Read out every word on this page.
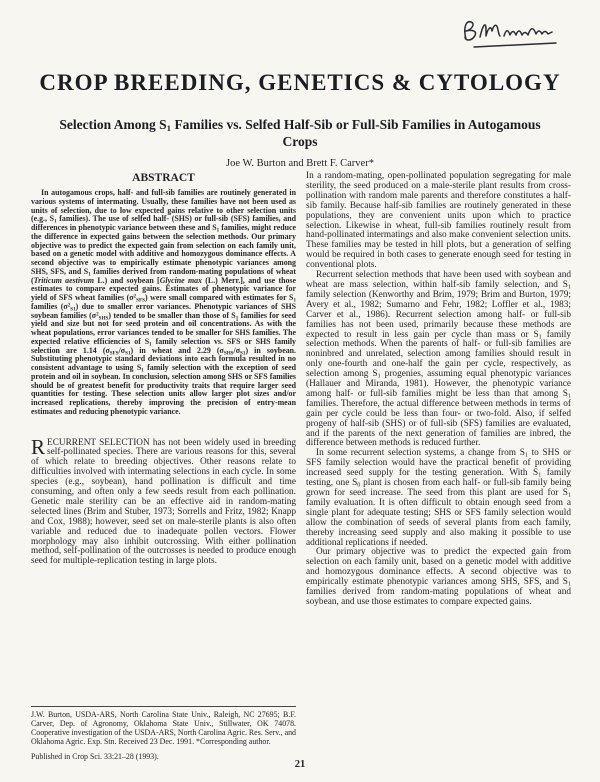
CROP BREEDING, GENETICS & CYTOLOGY
Selection Among $S_1$ Families vs. Selfed Half-Sib or Full-Sib Families in Autogamous Crops

Joe W. Burton and Brett F. Carver*

ABSTRACT

In autogamous crops, half- and full-sib families are routinely generated in various systems of intermating. Usually, these families have not been used as units of selection, due to low expected gains relative to other selection units (e.g., $S_1$ families). The use of selfed half- (SHS) or full-sib (SFS) families, and differences in phenotypic variance between these and $S_1$ families, might reduce the difference in expected gains between the selection methods. Our primary objective was to predict the expected gain from selection on each family unit, based on a genetic model with additive and homozygous dominance effects. A second objective was to empirically estimate phenotypic variances among SHS, SFS, and $S_1$ families derived from random-mating populations of wheat (Triticum aestivum L.) and soybean [Glycine max (L.) Merr.], and use those estimates to compare expected gains. Estimates of phenotypic variance for yield of SFS wheat families $(\sigma^2_{SFS})$ were small compared with estimates for $S_1$ families $(\sigma^2_{S1})$ due to smaller error variances. Phenotypic variances of SHS soybean families $(\sigma^2_{SHS})$ tended to be smaller than those of $S_1$ families for seed yield and size but not for seed protein and oil concentrations. As with the wheat populations, error variances tended to be smaller for SHS families. The expected relative efficiencies of $S_1$ family selection vs. SFS or SHS family selection are 1.14 $(\sigma_{SFS}/\sigma_{S1})$ in wheat and 2.29 $(\sigma_{SHS}/\sigma_{S1})$ in soybean. Substituting phenotypic standard deviations into each formula resulted in no consistent advantage to using $S_1$ family selection with the exception of seed protein and oil in soybean. In conclusion, selection among SHS or SFS families should be of greatest benefit for productivity traits that require larger seed quantities for testing. These selection units allow larger plot sizes and/or increased replications, thereby improving the precision of entry-mean estimates and reducing phenotypic variance.

RECURRENT SELECTION has not been widely used in breeding self-pollinated species. There are various reasons for this, several of which relate to breeding objectives. Other reasons relate to difficulties involved with intermating selections in each cycle. In some species (e.g., soybean), hand pollination is difficult and time consuming, and often only a few seeds result from each pollination. Genetic male sterility can be an effective aid in random-mating selected lines (Brim and Stuber, 1973; Sorrells and Fritz, 1982; Knapp and Cox, 1988); however, seed set on male-sterile plants is also often variable and reduced due to inadequate pollen vectors. Flower morphology may also inhibit outcrossing. With either pollination method, self-pollination of the outcrosses is needed to produce enough seed for multiple-replication testing in large plots.

J.W. Burton, USDA-ARS, North Carolina State Univ., Raleigh, NC 27695; B.F. Carver, Dep. of Agronomy, Oklahoma State Univ., Stillwater, OK 74078. Cooperative investigation of the USDA-ARS, North Carolina Agric. Res. Serv., and Oklahoma Agric. Exp. Stn. Received 23 Dec. 1991. *Corresponding author.

Published in Crop Sci. 33:21–28 (1993).

In a random-mating, open-pollinated population segregating for male sterility, the seed produced on a male-sterile plant results from cross-pollination with random male parents and therefore constitutes a half-sib family. Because half-sib families are routinely generated in these populations, they are convenient units upon which to practice selection. Likewise in wheat, full-sib families routinely result from hand-pollinated intermatings and also make convenient selection units. These families may be tested in hill plots, but a generation of selfing would be required in both cases to generate enough seed for testing in conventional plots.

Recurrent selection methods that have been used with soybean and wheat are mass selection, within half-sib family selection, and $S_1$ family selection (Kenworthy and Brim, 1979; Brim and Burton, 1979; Avery et al., 1982; Sumarno and Fehr, 1982; Loffler et al., 1983; Carver et al., 1986). Recurrent selection among half- or full-sib families has not been used, primarily because these methods are expected to result in less gain per cycle than mass or $S_1$ family selection methods. When the parents of half- or full-sib families are noninbred and unrelated, selection among families should result in only one-fourth and one-half the gain per cycle, respectively, as selection among $S_1$ progenies, assuming equal phenotypic variances (Hallauer and Miranda, 1981). However, the phenotypic variance among half- or full-sib families might be less than that among $S_1$ families. Therefore, the actual difference between methods in terms of gain per cycle could be less than four- or two-fold. Also, if selfed progeny of half-sib (SHS) or of full-sib (SFS) families are evaluated, and if the parents of the next generation of families are inbred, the difference between methods is reduced further.

In some recurrent selection systems, a change from $S_1$ to SHS or SFS family selection would have the practical benefit of providing increased seed supply for the testing generation. With $S_1$ family testing, one $S_0$ plant is chosen from each half- or full-sib family being grown for seed increase. The seed from this plant are used for $S_1$ family evaluation. It is often difficult to obtain enough seed from a single plant for adequate testing; SHS or SFS family selection would allow the combination of seeds of several plants from each family, thereby increasing seed supply and also making it possible to use additional replications if needed.

Our primary objective was to predict the expected gain from selection on each family unit, based on a genetic model with additive and homozygous dominance effects. A second objective was to empirically estimate phenotypic variances among SHS, SFS, and $S_1$ families derived from random-mating populations of wheat and soybean, and use those estimates to compare expected gains.

21
